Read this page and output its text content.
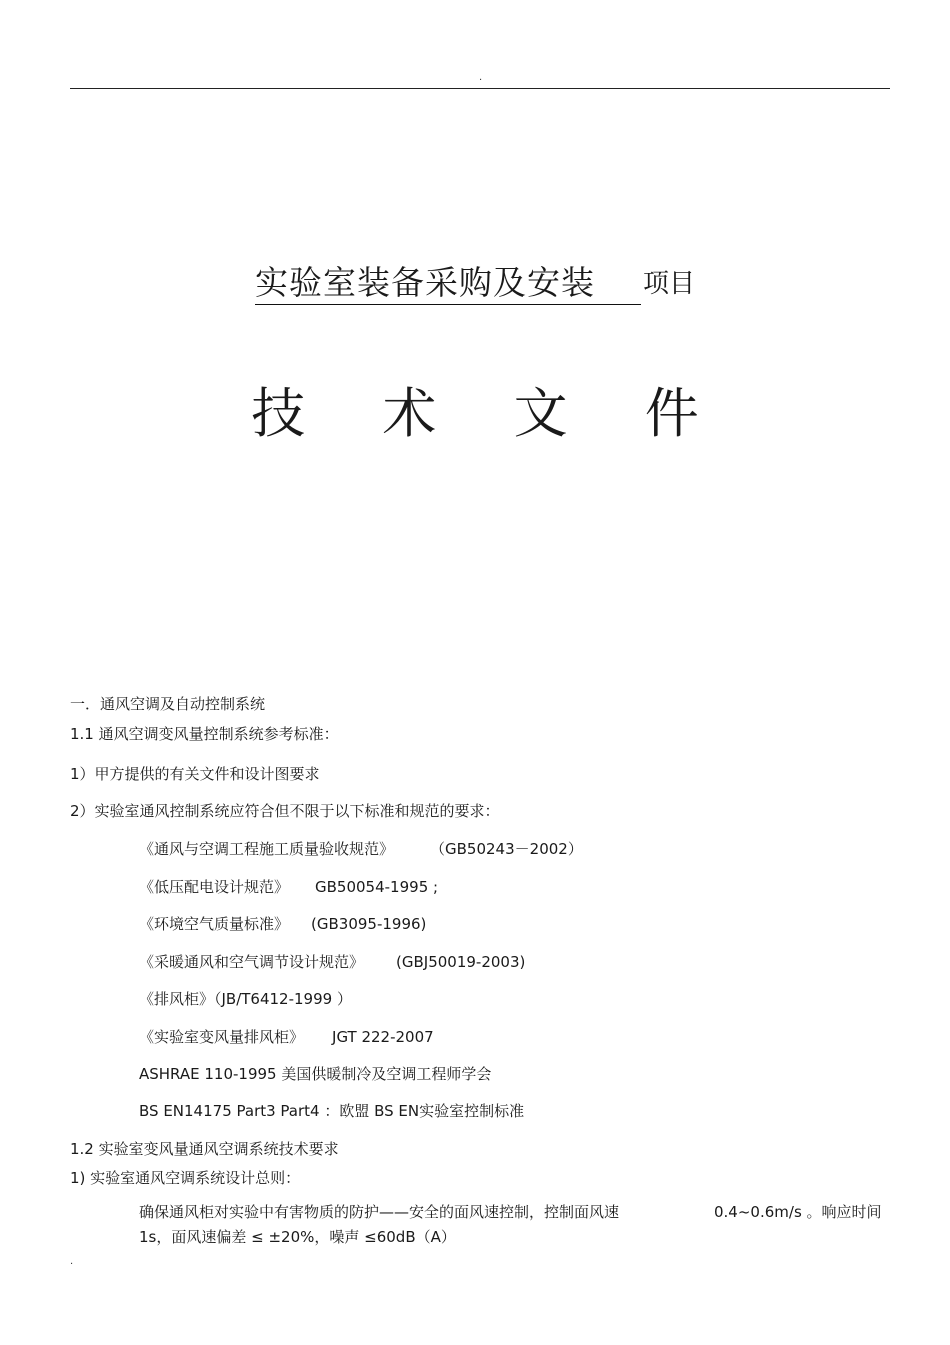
.
实验室装备采购及安装 项目
技 术 文 件
一．通风空调及自动控制系统
1.1 通风空调变风量控制系统参考标准：
1）甲方提供的有关文件和设计图要求
2）实验室通风控制系统应符合但不限于以下标准和规范的要求：
《通风与空调工程施工质量验收规范》 （GB50243－2002）
《低压配电设计规范》 GB50054-1995 ;
《环境空气质量标准》 (GB3095-1996)
《采暖通风和空气调节设计规范》 (GBJ50019-2003)
《排风柜》（JB/T6412-1999 ）
《实验室变风量排风柜》 JGT 222-2007
ASHRAE 110-1995 美国供暖制冷及空调工程师学会
BS EN14175 Part3 Part4 ：欧盟 BS EN实验室控制标准
1.2 实验室变风量通风空调系统技术要求
1) 实验室通风空调系统设计总则：
确保通风柜对实验中有害物质的防护——安全的面风速控制，控制面风速	0.4~0.6m/s 。响应时间
1s，面风速偏差 ≤ ±20%，噪声 ≤60dB（A）
.
